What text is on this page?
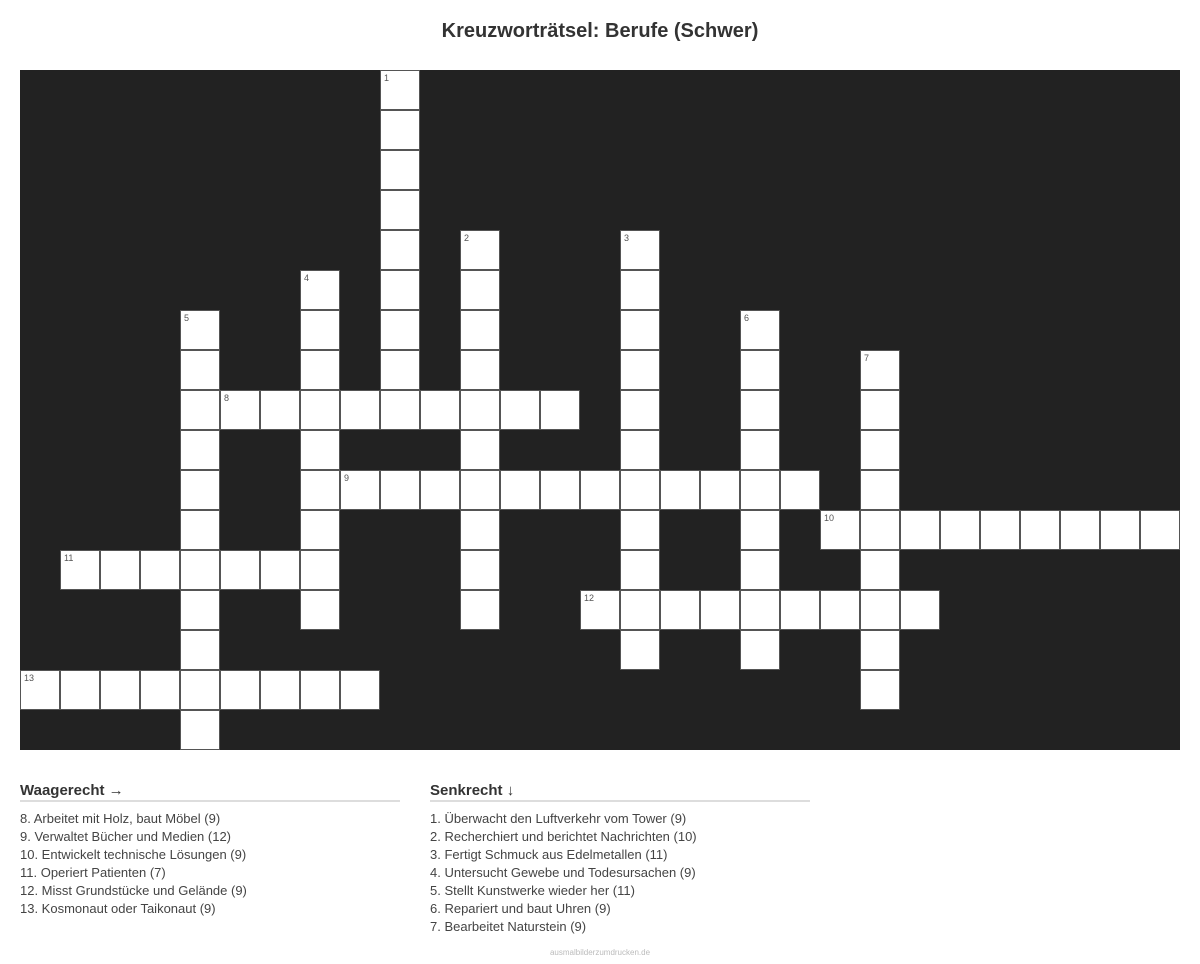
Kreuzworträtsel: Berufe (Schwer)
1
2	3
4
5	6
7
8
9
10
11
12
13
Waagerecht →
8. Arbeitet mit Holz, baut Möbel (9)
9. Verwaltet Bücher und Medien (12)
10. Entwickelt technische Lösungen (9)
11. Operiert Patienten (7)
12. Misst Grundstücke und Gelände (9)
13. Kosmonaut oder Taikonaut (9)
Senkrecht ↓
1. Überwacht den Luftverkehr vom Tower (9)
2. Recherchiert und berichtet Nachrichten (10)
3. Fertigt Schmuck aus Edelmetallen (11)
4. Untersucht Gewebe und Todesursachen (9)
5. Stellt Kunstwerke wieder her (11)
6. Repariert und baut Uhren (9)
7. Bearbeitet Naturstein (9)
ausmalbilderzumdrucken.de
